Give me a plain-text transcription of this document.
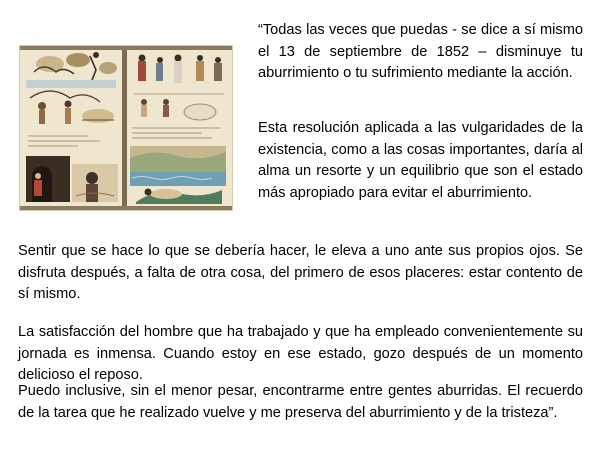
“Todas las veces que puedas - se dice a sí mismo el 13 de septiembre de 1852 – disminuye tu aburrimiento o tu sufrimiento mediante la acción.

Esta resolución aplicada a las vulgaridades de la existencia, como a las cosas importantes, daría al alma un resorte y un equilibrio que son el estado más apropiado para evitar el aburrimiento.

Sentir que se hace lo que se debería hacer, le eleva a uno ante sus propios ojos. Se disfruta después, a falta de otra cosa, del primero de esos placeres: estar contento de sí mismo.

La satisfacción del hombre que ha trabajado y que ha empleado convenientemente su jornada es inmensa. Cuando estoy en ese estado, gozo después de un momento delicioso el reposo.

Puedo inclusive, sin el menor pesar, encontrarme entre gentes aburridas. El recuerdo de la tarea que he realizado vuelve y me preserva del aburrimiento y de la tristeza”.
